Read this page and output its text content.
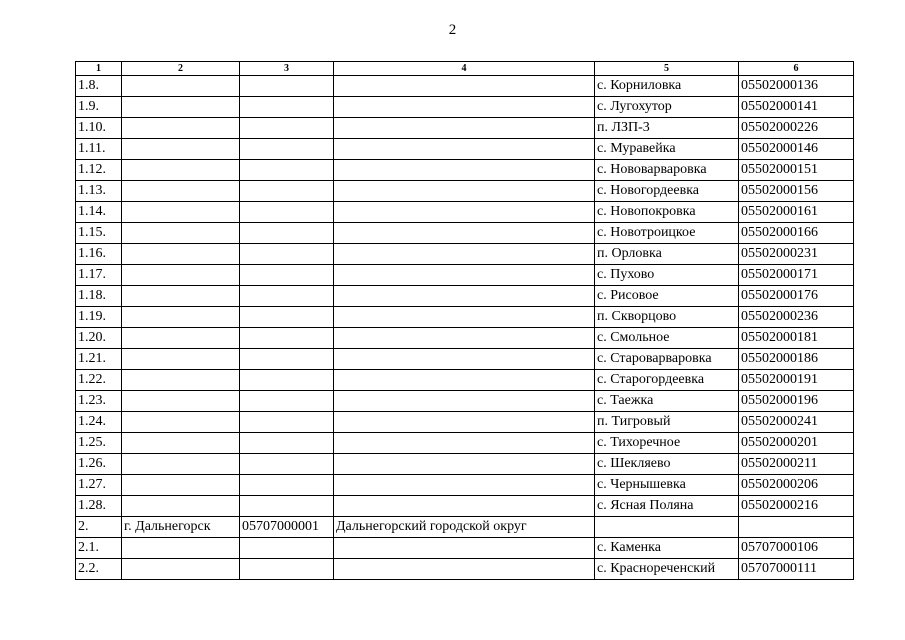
2
1	2	3	4	5	6
1.8.				с. Корниловка	05502000136
1.9.				с. Лугохутор	05502000141
1.10.				п. ЛЗП-3	05502000226
1.11.				с. Муравейка	05502000146
1.12.				с. Нововарваровка	05502000151
1.13.				с. Новогордеевка	05502000156
1.14.				с. Новопокровка	05502000161
1.15.				с. Новотроицкое	05502000166
1.16.				п. Орловка	05502000231
1.17.				с. Пухово	05502000171
1.18.				с. Рисовое	05502000176
1.19.				п. Скворцово	05502000236
1.20.				с. Смольное	05502000181
1.21.				с. Староварваровка	05502000186
1.22.				с. Старогордеевка	05502000191
1.23.				с. Таежка	05502000196
1.24.				п. Тигровый	05502000241
1.25.				с. Тихоречное	05502000201
1.26.				с. Шекляево	05502000211
1.27.				с. Чернышевка	05502000206
1.28.				с. Ясная Поляна	05502000216
2.	г. Дальнегорск	05707000001	Дальнегорский городской округ		
2.1.				с. Каменка	05707000106
2.2.				с. Краснореченский	05707000111
